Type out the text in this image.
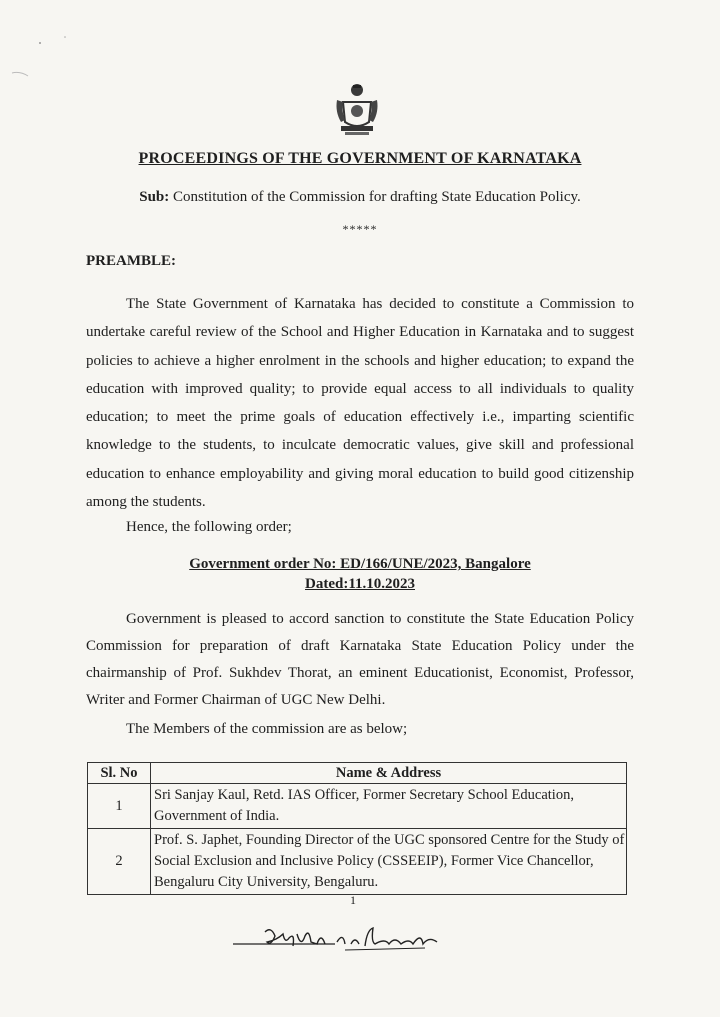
PROCEEDINGS OF THE GOVERNMENT OF KARNATAKA
Sub: Constitution of the Commission for drafting State Education Policy.
*****
PREAMBLE:
The State Government of Karnataka has decided to constitute a Commission to undertake careful review of the School and Higher Education in Karnataka and to suggest policies to achieve a higher enrolment in the schools and higher education; to expand the education with improved quality; to provide equal access to all individuals to quality education; to meet the prime goals of education effectively i.e., imparting scientific knowledge to the students, to inculcate democratic values, give skill and professional education to enhance employability and giving moral education to build good citizenship among the students.
Hence, the following order;
Government order No: ED/166/UNE/2023, Bangalore
Dated:11.10.2023
Government is pleased to accord sanction to constitute the State Education Policy Commission for preparation of draft Karnataka State Education Policy under the chairmanship of Prof. Sukhdev Thorat, an eminent Educationist, Economist, Professor, Writer and Former Chairman of UGC New Delhi.
The Members of the commission are as below;
Sl. No	Name & Address
1	Sri Sanjay Kaul, Retd. IAS Officer, Former Secretary School Education, Government of India.
2	Prof. S. Japhet, Founding Director of the UGC sponsored Centre for the Study of Social Exclusion and Inclusive Policy (CSSEEIP), Former Vice Chancellor, Bengaluru City University, Bengaluru.
1
